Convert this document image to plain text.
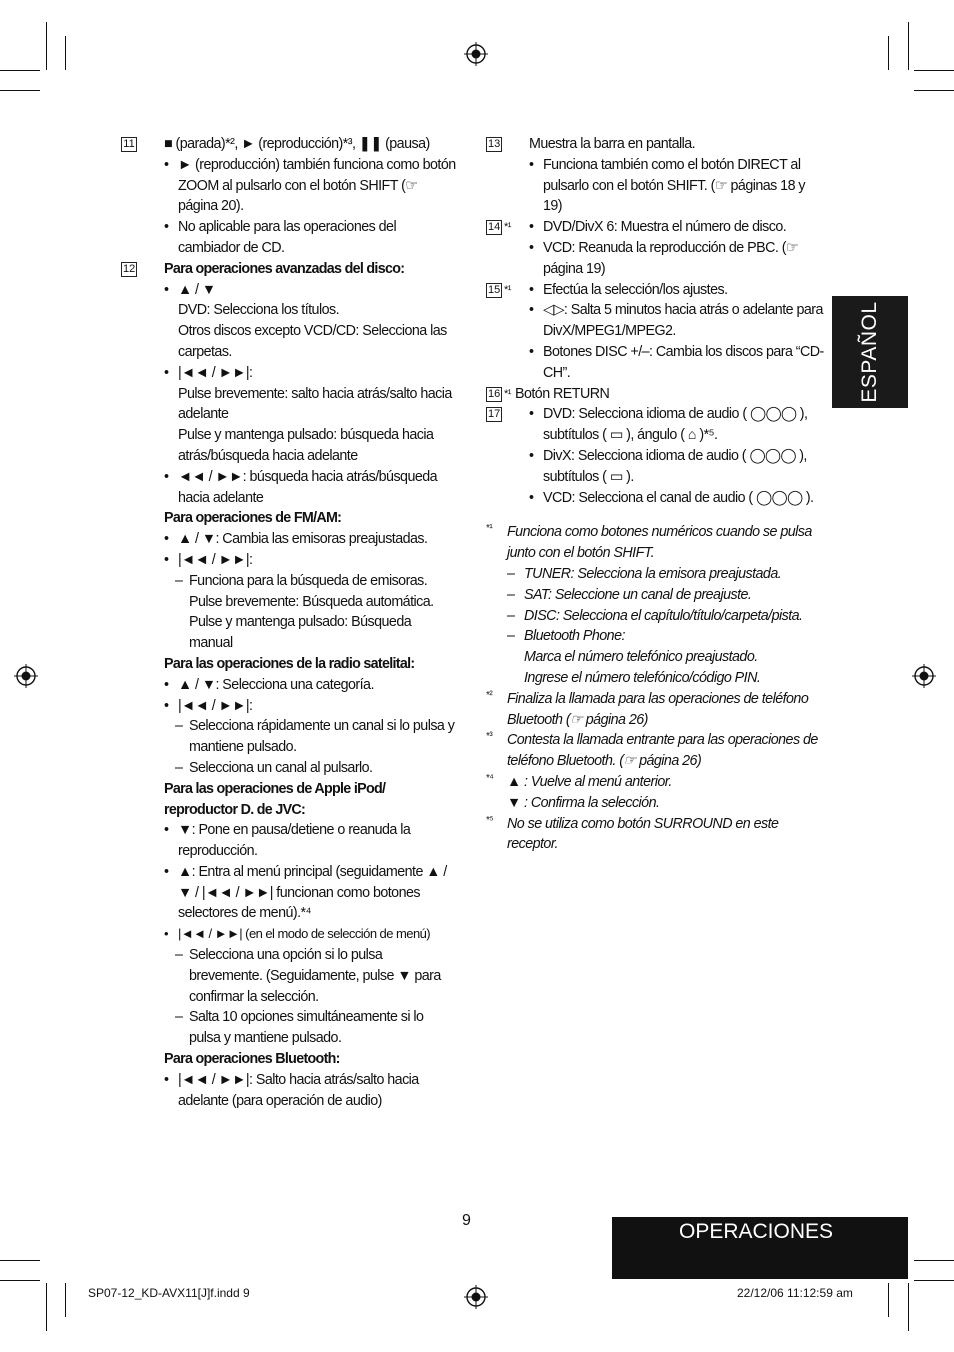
11 ■ (parada)*², ► (reproducción)*³, ❚❚ (pausa)
• ► (reproducción) también funciona como botón ZOOM al pulsarlo con el botón SHIFT (☞ página 20).
• No aplicable para las operaciones del cambiador de CD.
12 Para operaciones avanzadas del disco:
• ▲ / ▼
DVD: Selecciona los títulos.
Otros discos excepto VCD/CD: Selecciona las carpetas.
• |◄◄ / ►►|:
Pulse brevemente: salto hacia atrás/salto hacia adelante
Pulse y mantenga pulsado: búsqueda hacia atrás/búsqueda hacia adelante
• ◄◄ / ►►: búsqueda hacia atrás/búsqueda hacia adelante
Para operaciones de FM/AM:
• ▲ / ▼: Cambia las emisoras preajustadas.
• |◄◄ / ►►|:
– Funciona para la búsqueda de emisoras.
Pulse brevemente: Búsqueda automática.
Pulse y mantenga pulsado: Búsqueda manual
Para las operaciones de la radio satelital:
• ▲ / ▼: Selecciona una categoría.
• |◄◄ / ►►|:
– Selecciona rápidamente un canal si lo pulsa y mantiene pulsado.
– Selecciona un canal al pulsarlo.
Para las operaciones de Apple iPod/ reproductor D. de JVC:
• ▼: Pone en pausa/detiene o reanuda la reproducción.
• ▲: Entra al menú principal (seguidamente ▲ / ▼ / |◄◄ / ►►| funcionan como botones selectores de menú).*⁴
• |◄◄ / ►►| (en el modo de selección de menú)
– Selecciona una opción si lo pulsa brevemente. (Seguidamente, pulse ▼ para confirmar la selección.
– Salta 10 opciones simultáneamente si lo pulsa y mantiene pulsado.
Para operaciones Bluetooth:
• |◄◄ / ►►|: Salto hacia atrás/salto hacia adelante (para operación de audio)
13 Muestra la barra en pantalla.
• Funciona también como el botón DIRECT al pulsarlo con el botón SHIFT. (☞ páginas 18 y 19)
14 *¹	• DVD/DivX 6: Muestra el número de disco.
• VCD: Reanuda la reproducción de PBC. (☞ página 19)
15 *¹	• Efectúa la selección/los ajustes.
• ◁▷: Salta 5 minutos hacia atrás o adelante para DivX/MPEG1/MPEG2.
• Botones DISC +/–: Cambia los discos para “CD-CH”.
16 *¹ Botón RETURN
17	• DVD: Selecciona idioma de audio ( ◯◯◯ ), subtítulos ( ▭ ), ángulo ( ⌂ )*⁵.
• DivX: Selecciona idioma de audio ( ◯◯◯ ), subtítulos ( ▭ ).
• VCD: Selecciona el canal de audio ( ◯◯◯ ).
*¹ Funciona como botones numéricos cuando se pulsa junto con el botón SHIFT.
– TUNER: Selecciona la emisora preajustada.
– SAT: Seleccione un canal de preajuste.
– DISC: Selecciona el capítulo/título/carpeta/pista.
– Bluetooth Phone:
Marca el número telefónico preajustado.
Ingrese el número telefónico/código PIN.
*² Finaliza la llamada para las operaciones de teléfono Bluetooth (☞ página 26)
*³ Contesta la llamada entrante para las operaciones de teléfono Bluetooth. (☞ página 26)
*⁴ ▲ : Vuelve al menú anterior.
▼ : Confirma la selección.
*⁵ No se utiliza como botón SURROUND en este receptor.
ESPAÑOL
9	OPERACIONES
SP07-12_KD-AVX11[J]f.indd 9	22/12/06 11:12:59 am
